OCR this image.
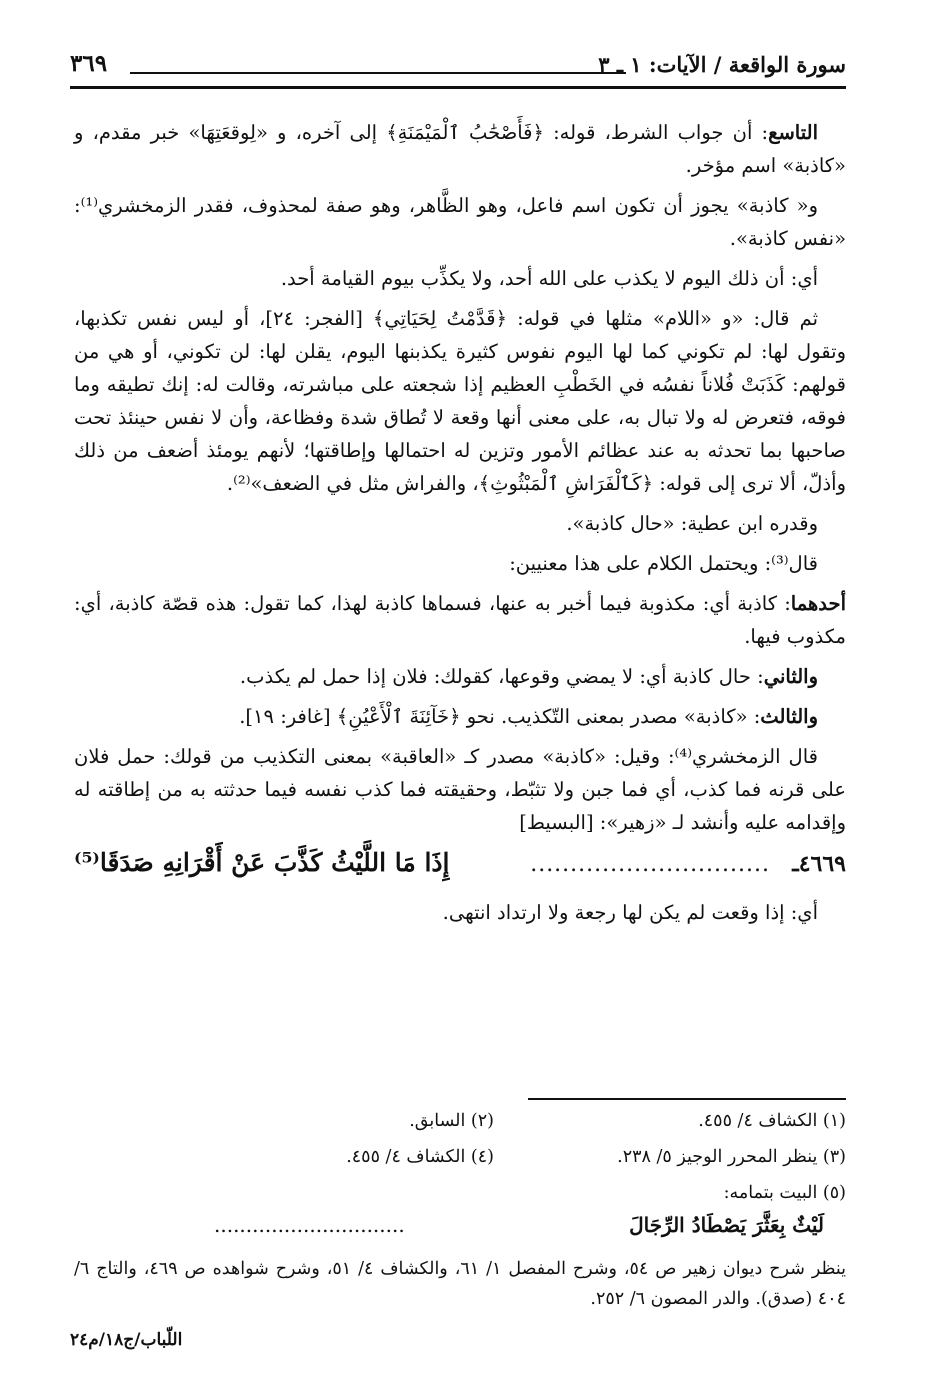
سورة الواقعة / الآيات: ١ ـ ٣
٣٦٩

التاسع: أن جواب الشرط، قوله: ﴿فَأَصْحَٰبُ ٱلْمَيْمَنَةِ﴾ إلى آخره، و «لِوقعَتِهَا» خبر مقدم، و «كاذبة» اسم مؤخر.

و« كاذبة» يجوز أن تكون اسم فاعل، وهو الظَّاهر، وهو صفة لمحذوف، فقدر الزمخشري⁽¹⁾: «نفس كاذبة».

أي: أن ذلك اليوم لا يكذب على الله أحد، ولا يكذِّب بيوم القيامة أحد.

ثم قال: «و «اللام» مثلها في قوله: ﴿قَدَّمْتُ لِحَيَاتِي﴾ [الفجر: ٢٤]، أو ليس نفس تكذبها، وتقول لها: لم تكوني كما لها اليوم نفوس كثيرة يكذبنها اليوم، يقلن لها: لن تكوني، أو هي من قولهم: كَذَبَتْ فُلاناً نفسُه في الخَطْبِ العظيم إذا شجعته على مباشرته، وقالت له: إنك تطيقه وما فوقه، فتعرض له ولا تبال به، على معنى أنها وقعة لا تُطاق شدة وفظاعة، وأن لا نفس حينئذ تحت صاحبها بما تحدثه به عند عظائم الأمور وتزين له احتمالها وإطاقتها؛ لأنهم يومئذ أضعف من ذلك وأذلّ، ألا ترى إلى قوله: ﴿كَٱلْفَرَاشِ ٱلْمَبْثُوثِ﴾، والفراش مثل في الضعف»⁽²⁾.

وقدره ابن عطية: «حال كاذبة».

قال⁽³⁾: ويحتمل الكلام على هذا معنيين:

أحدهما: كاذبة أي: مكذوبة فيما أخبر به عنها، فسماها كاذبة لهذا، كما تقول: هذه قصّة كاذبة، أي: مكذوب فيها.

والثاني: حال كاذبة أي: لا يمضي وقوعها، كقولك: فلان إذا حمل لم يكذب.

والثالث: «كاذبة» مصدر بمعنى التّكذيب. نحو ﴿خَآئِنَةَ ٱلْأَعْيُنِ﴾ [غافر: ١٩].

قال الزمخشري⁽⁴⁾: وقيل: «كاذبة» مصدر كـ «العاقبة» بمعنى التكذيب من قولك: حمل فلان على قرنه فما كذب، أي فما جبن ولا تثبّط، وحقيقته فما كذب نفسه فيما حدثته به من إطاقته له وإقدامه عليه وأنشد لـ «زهير»: [البسيط]

٤٦٦٩ـ
..............................
إِذَا مَا اللَّيْثُ كَذَّبَ عَنْ أَقْرَانِهِ صَدَقَا⁽⁵⁾

أي: إذا وقعت لم يكن لها رجعة ولا ارتداد انتهى.

(١) الكشاف ٤/ ٤٥٥.
(٢) السابق.
(٣) ينظر المحرر الوجيز ٥/ ٢٣٨.
(٤) الكشاف ٤/ ٤٥٥.
(٥) البيت بتمامه:
لَيْثٌ بِعَثَّرَ يَصْطَادُ الرِّجَالَ
..............................

ينظر شرح ديوان زهير ص ٥٤، وشرح المفصل ١/ ٦١، والكشاف ٤/ ٥١، وشرح شواهده ص ٤٦٩، والتاج ٦/ ٤٠٤ (صدق). والدر المصون ٦/ ٢٥٢.

اللّباب/ج١٨/م٢٤
